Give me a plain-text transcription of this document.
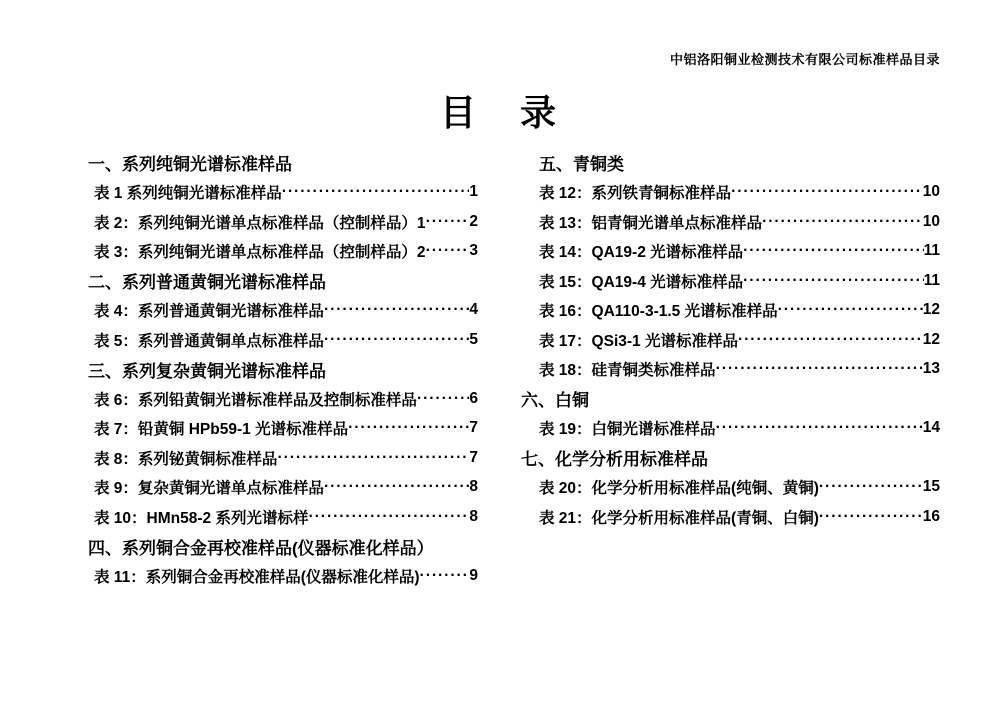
中铝洛阳铜业检测技术有限公司标准样品目录
目　录
一、系列纯铜光谱标准样品
表 1 系列纯铜光谱标准样品 ·····	1
表 2：系列纯铜光谱单点标准样品（控制样品）1 ·····	2
表 3：系列纯铜光谱单点标准样品（控制样品）2 ·····	3
二、系列普通黄铜光谱标准样品
表 4：系列普通黄铜光谱标准样品 ·····	4
表 5：系列普通黄铜单点标准样品 ·····	5
三、系列复杂黄铜光谱标准样品
表 6：系列铅黄铜光谱标准样品及控制标准样品 ·····	6
表 7：铅黄铜 HPb59-1 光谱标准样品 ·····	7
表 8：系列铋黄铜标准样品 ·····	7
表 9：复杂黄铜光谱单点标准样品 ·····	8
表 10：HMn58-2 系列光谱标样 ·····	8
四、系列铜合金再校准样品(仪器标准化样品）
表 11：系列铜合金再校准样品(仪器标准化样品) ·····	9
五、青铜类
表 12：系列铁青铜标准样品 ·····	10
表 13：铝青铜光谱单点标准样品 ·····	10
表 14：QA19-2 光谱标准样品 ·····	11
表 15：QA19-4 光谱标准样品 ·····	11
表 16：QA110-3-1.5 光谱标准样品 ·····	12
表 17：QSi3-1 光谱标准样品 ·····	12
表 18：硅青铜类标准样品 ·····	13
六、白铜
表 19：白铜光谱标准样品 ·····	14
七、化学分析用标准样品
表 20：化学分析用标准样品(纯铜、黄铜) ·····	15
表 21：化学分析用标准样品(青铜、白铜) ·····	16
